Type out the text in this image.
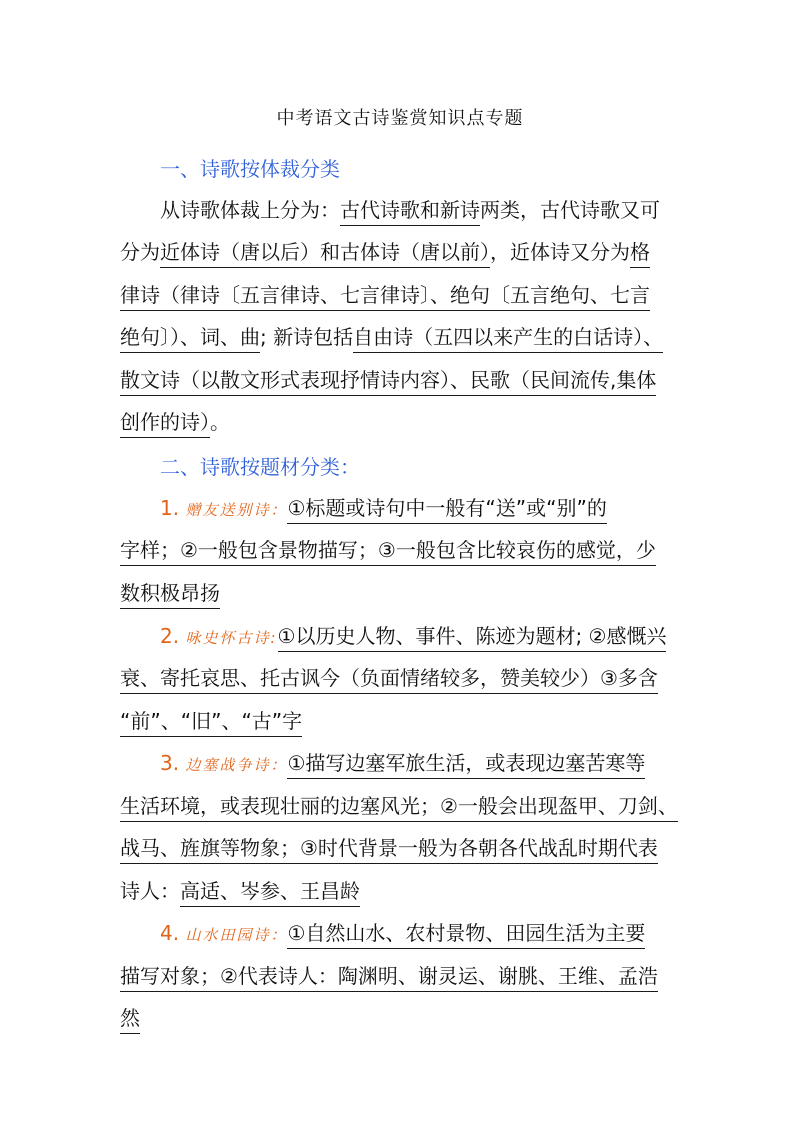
中考语文古诗鉴赏知识点专题
一、诗歌按体裁分类
从诗歌体裁上分为：古代诗歌和新诗两类，古代诗歌又可
分为近体诗（唐以后）和古体诗（唐以前），近体诗又分为格
律诗（律诗〔五言律诗、七言律诗〕、绝句〔五言绝句、七言
绝句〕）、词、曲; 新诗包括自由诗（五四以来产生的白话诗）、
散文诗（以散文形式表现抒情诗内容）、民歌（民间流传,集体
创作的诗）。
二、诗歌按题材分类：
1. 赠友送别诗：①标题或诗句中一般有“送”或“别”的
字样；②一般包含景物描写；③一般包含比较哀伤的感觉，少
数积极昂扬
2. 咏史怀古诗:①以历史人物、事件、陈迹为题材; ②感慨兴
衰、寄托哀思、托古讽今（负面情绪较多，赞美较少）③多含
“前”、“旧”、“古”字
3. 边塞战争诗：①描写边塞军旅生活，或表现边塞苦寒等
生活环境，或表现壮丽的边塞风光；②一般会出现盔甲、刀剑、
战马、旌旗等物象；③时代背景一般为各朝各代战乱时期代表
诗人：高适、岑参、王昌龄
4. 山水田园诗：①自然山水、农村景物、田园生活为主要
描写对象；②代表诗人：陶渊明、谢灵运、谢朓、王维、孟浩
然
